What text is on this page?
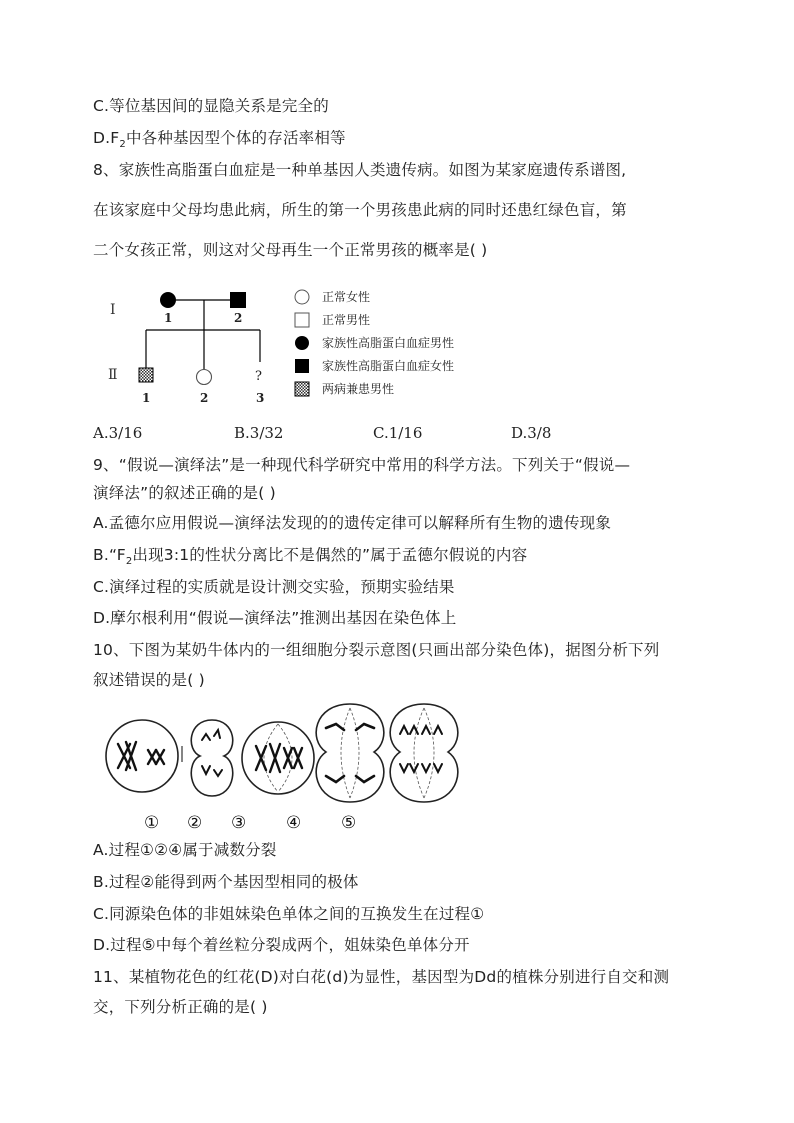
C.等位基因间的显隐关系是完全的
$D.F_2$中各种基因型个体的存活率相等
8、家族性高脂蛋白血症是一种单基因人类遗传病。如图为某家庭遗传系谱图,
在该家庭中父母均患此病，所生的第一个男孩患此病的同时还患红绿色盲，第
二个女孩正常，则这对父母再生一个正常男孩的概率是( )
I
Ⅱ
1	2
?
1	2	3
正常女性
正常男性
家族性高脂蛋白血症男性
家族性高脂蛋白血症女性
两病兼患男性
A.3/16	B.3/32	C.1/16	D.3/8
9、“假说—演绎法”是一种现代科学研究中常用的科学方法。下列关于“假说—
演绎法”的叙述正确的是( )
A.孟德尔应用假说—演绎法发现的的遗传定律可以解释所有生物的遗传现象
$B.“F_2$出现3:1的性状分离比不是偶然的”属于孟德尔假说的内容
C.演绎过程的实质就是设计测交实验，预期实验结果
D.摩尔根利用“假说—演绎法”推测出基因在染色体上
10、下图为某奶牛体内的一组细胞分裂示意图(只画出部分染色体)，据图分析下列
叙述错误的是( )
① ② ③ ④ ⑤
A.过程①②④属于减数分裂
B.过程②能得到两个基因型相同的极体
C.同源染色体的非姐妹染色单体之间的互换发生在过程①
D.过程⑤中每个着丝粒分裂成两个，姐妹染色单体分开
11、某植物花色的红花(D)对白花(d)为显性，基因型为Dd的植株分别进行自交和测
交，下列分析正确的是( )
